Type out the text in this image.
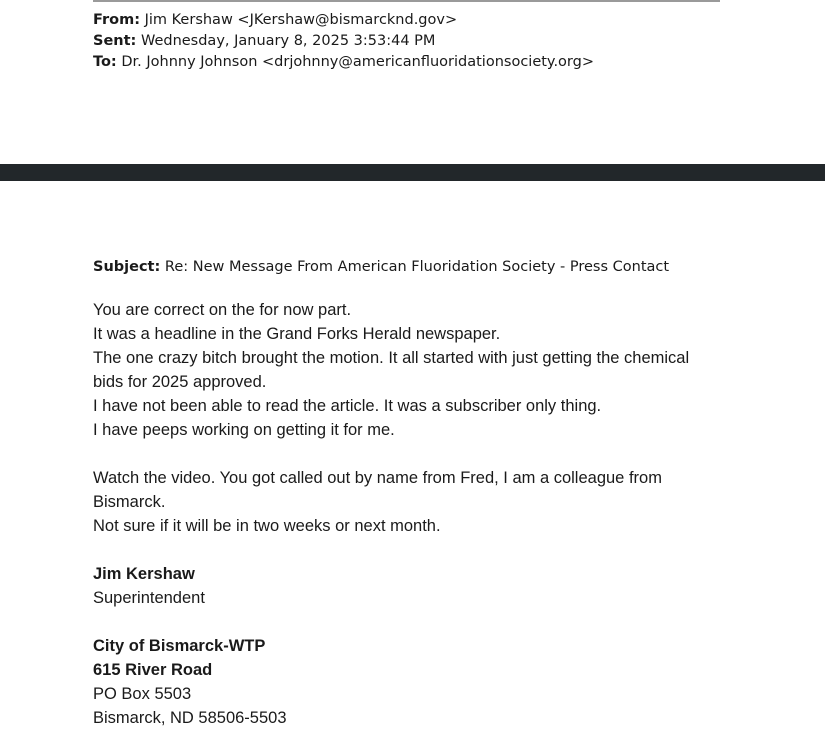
From: Jim Kershaw <JKershaw@bismarcknd.gov>
Sent: Wednesday, January 8, 2025 3:53:44 PM
To: Dr. Johnny Johnson <drjohnny@americanfluoridationsociety.org>
Subject: Re: New Message From American Fluoridation Society - Press Contact

You are correct on the for now part.

It was a headline in the Grand Forks Herald newspaper.

The one crazy bitch brought the motion. It all started with just getting the chemical bids for 2025 approved.

I have not been able to read the article. It was a subscriber only thing.

I have peeps working on getting it for me.

Watch the video. You got called out by name from Fred, I am a colleague from Bismarck.

Not sure if it will be in two weeks or next month.

Jim Kershaw

Superintendent

City of Bismarck-WTP

615 River Road

PO Box 5503

Bismarck, ND 58506-5503
